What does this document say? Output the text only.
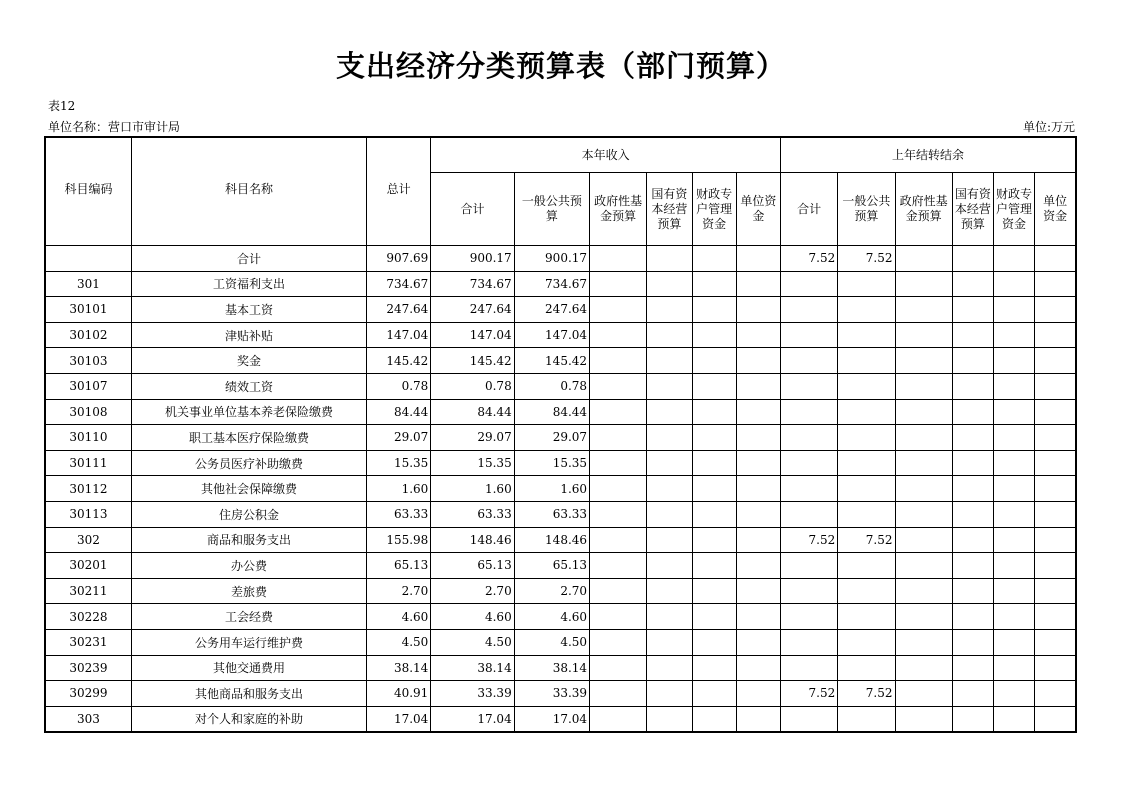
支出经济分类预算表（部门预算）
表12
单位名称：营口市审计局	单位:万元
科目编码	科目名称	总计	本年收入						上年结转结余					
			合计	一般公共预算	政府性基金预算	国有资本经营预算	财政专户管理资金	单位资金	合计	一般公共预算	政府性基金预算	国有资本经营预算	财政专户管理资金	单位资金
	合计	907.69	900.17	900.17					7.52	7.52				
301	工资福利支出	734.67	734.67	734.67										
30101	基本工资	247.64	247.64	247.64										
30102	津贴补贴	147.04	147.04	147.04										
30103	奖金	145.42	145.42	145.42										
30107	绩效工资	0.78	0.78	0.78										
30108	机关事业单位基本养老保险缴费	84.44	84.44	84.44										
30110	职工基本医疗保险缴费	29.07	29.07	29.07										
30111	公务员医疗补助缴费	15.35	15.35	15.35										
30112	其他社会保障缴费	1.60	1.60	1.60										
30113	住房公积金	63.33	63.33	63.33										
302	商品和服务支出	155.98	148.46	148.46					7.52	7.52				
30201	办公费	65.13	65.13	65.13										
30211	差旅费	2.70	2.70	2.70										
30228	工会经费	4.60	4.60	4.60										
30231	公务用车运行维护费	4.50	4.50	4.50										
30239	其他交通费用	38.14	38.14	38.14										
30299	其他商品和服务支出	40.91	33.39	33.39					7.52	7.52				
303	对个人和家庭的补助	17.04	17.04	17.04										
